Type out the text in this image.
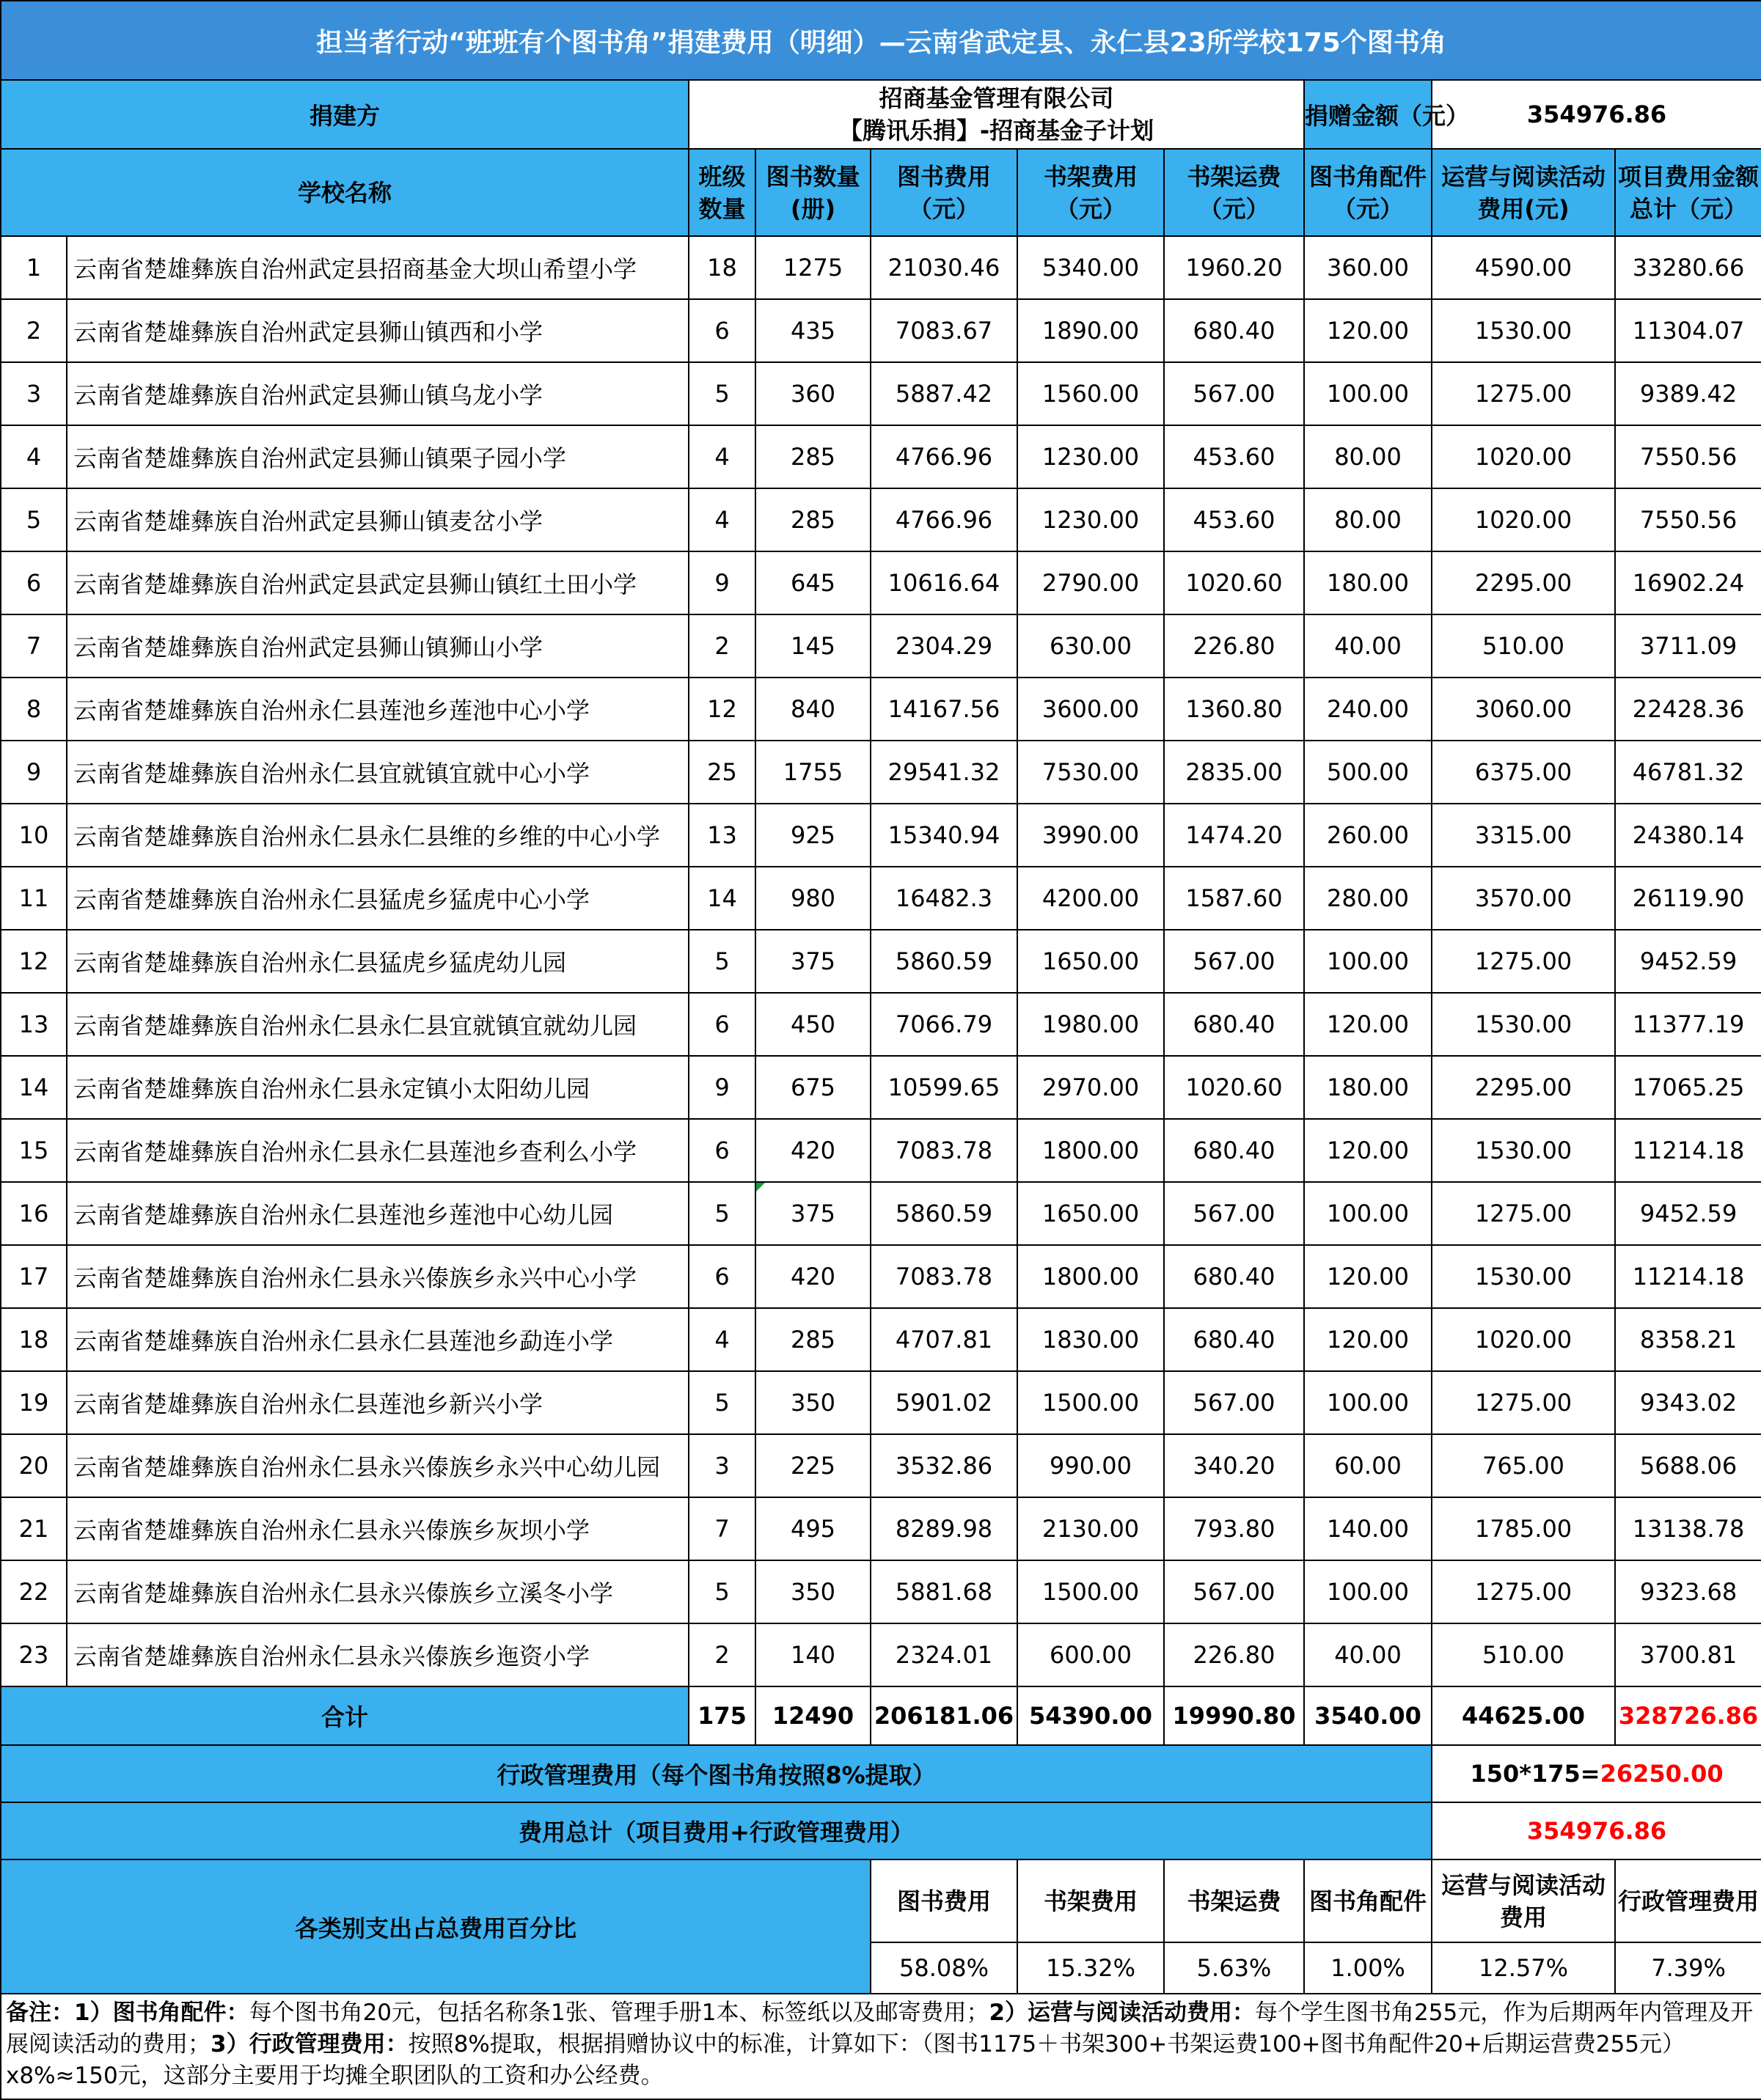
担当者行动“班班有个图书角”捐建费用（明细）—云南省武定县、永仁县23所学校175个图书角									
捐建方		招商基金管理有限公司
【腾讯乐捐】-招商基金子计划					捐赠金额（元）	354976.86	
学校名称		班级数量	图书数量(册)	图书费用（元）	书架费用（元）	书架运费（元）	图书角配件（元）	运营与阅读活动费用(元)	项目费用金额总计（元）
1	云南省楚雄彝族自治州武定县招商基金大坝山希望小学	18	1275	21030.46	5340.00	1960.20	360.00	4590.00	33280.66
2	云南省楚雄彝族自治州武定县狮山镇西和小学	6	435	7083.67	1890.00	680.40	120.00	1530.00	11304.07
3	云南省楚雄彝族自治州武定县狮山镇乌龙小学	5	360	5887.42	1560.00	567.00	100.00	1275.00	9389.42
4	云南省楚雄彝族自治州武定县狮山镇栗子园小学	4	285	4766.96	1230.00	453.60	80.00	1020.00	7550.56
5	云南省楚雄彝族自治州武定县狮山镇麦岔小学	4	285	4766.96	1230.00	453.60	80.00	1020.00	7550.56
6	云南省楚雄彝族自治州武定县武定县狮山镇红土田小学	9	645	10616.64	2790.00	1020.60	180.00	2295.00	16902.24
7	云南省楚雄彝族自治州武定县狮山镇狮山小学	2	145	2304.29	630.00	226.80	40.00	510.00	3711.09
8	云南省楚雄彝族自治州永仁县莲池乡莲池中心小学	12	840	14167.56	3600.00	1360.80	240.00	3060.00	22428.36
9	云南省楚雄彝族自治州永仁县宜就镇宜就中心小学	25	1755	29541.32	7530.00	2835.00	500.00	6375.00	46781.32
10	云南省楚雄彝族自治州永仁县永仁县维的乡维的中心小学	13	925	15340.94	3990.00	1474.20	260.00	3315.00	24380.14
11	云南省楚雄彝族自治州永仁县猛虎乡猛虎中心小学	14	980	16482.3	4200.00	1587.60	280.00	3570.00	26119.90
12	云南省楚雄彝族自治州永仁县猛虎乡猛虎幼儿园	5	375	5860.59	1650.00	567.00	100.00	1275.00	9452.59
13	云南省楚雄彝族自治州永仁县永仁县宜就镇宜就幼儿园	6	450	7066.79	1980.00	680.40	120.00	1530.00	11377.19
14	云南省楚雄彝族自治州永仁县永定镇小太阳幼儿园	9	675	10599.65	2970.00	1020.60	180.00	2295.00	17065.25
15	云南省楚雄彝族自治州永仁县永仁县莲池乡查利么小学	6	420	7083.78	1800.00	680.40	120.00	1530.00	11214.18
16	云南省楚雄彝族自治州永仁县莲池乡莲池中心幼儿园	5	375	5860.59	1650.00	567.00	100.00	1275.00	9452.59
17	云南省楚雄彝族自治州永仁县永兴傣族乡永兴中心小学	6	420	7083.78	1800.00	680.40	120.00	1530.00	11214.18
18	云南省楚雄彝族自治州永仁县永仁县莲池乡勐连小学	4	285	4707.81	1830.00	680.40	120.00	1020.00	8358.21
19	云南省楚雄彝族自治州永仁县莲池乡新兴小学	5	350	5901.02	1500.00	567.00	100.00	1275.00	9343.02
20	云南省楚雄彝族自治州永仁县永兴傣族乡永兴中心幼儿园	3	225	3532.86	990.00	340.20	60.00	765.00	5688.06
21	云南省楚雄彝族自治州永仁县永兴傣族乡灰坝小学	7	495	8289.98	2130.00	793.80	140.00	1785.00	13138.78
22	云南省楚雄彝族自治州永仁县永兴傣族乡立溪冬小学	5	350	5881.68	1500.00	567.00	100.00	1275.00	9323.68
23	云南省楚雄彝族自治州永仁县永兴傣族乡迤资小学	2	140	2324.01	600.00	226.80	40.00	510.00	3700.81
合计		175	12490	206181.06	54390.00	19990.80	3540.00	44625.00	328726.86
行政管理费用（每个图书角按照8%提取）								150*175=26250.00	
费用总计（项目费用+行政管理费用）								354976.86	
各类别支出占总费用百分比				图书费用	书架费用	书架运费	图书角配件	运营与阅读活动费用	行政管理费用
				58.08%	15.32%	5.63%	1.00%	12.57%	7.39%
备注：1）图书角配件：每个图书角20元，包括名称条1张、管理手册1本、标签纸以及邮寄费用；2）运营与阅读活动费用：每个学生图书角255元，作为后期两年内管理及开展阅读活动的费用；3）行政管理费用：按照8%提取，根据捐赠协议中的标准，计算如下：（图书1175＋书架300+书架运费100+图书角配件20+后期运营费255元）x8%≈150元，这部分主要用于均摊全职团队的工资和办公经费。									
